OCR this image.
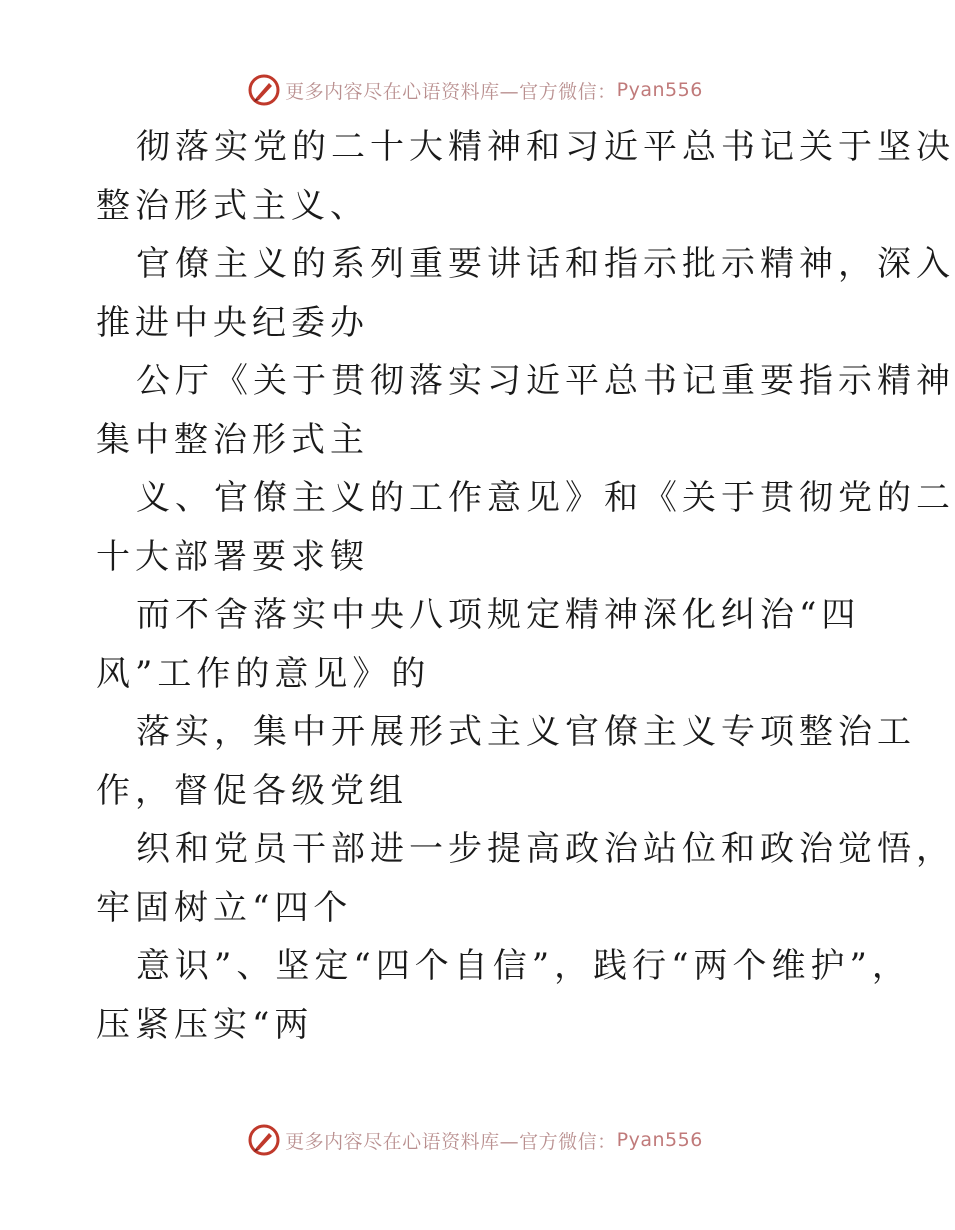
更多内容尽在心语资料库—官方微信： Pyan556
彻落实党的二十大精神和习近平总书记关于坚决
整治形式主义、
官僚主义的系列重要讲话和指示批示精神，深入
推进中央纪委办
公厅《关于贯彻落实习近平总书记重要指示精神
集中整治形式主
义、官僚主义的工作意见》和《关于贯彻党的二
十大部署要求锲
而不舍落实中央八项规定精神深化纠治“四
风”工作的意见》的
落实，集中开展形式主义官僚主义专项整治工
作，督促各级党组
织和党员干部进一步提高政治站位和政治觉悟，
牢固树立“四个
意识”、坚定“四个自信”，践行“两个维护”，
压紧压实“两
更多内容尽在心语资料库—官方微信： Pyan556
